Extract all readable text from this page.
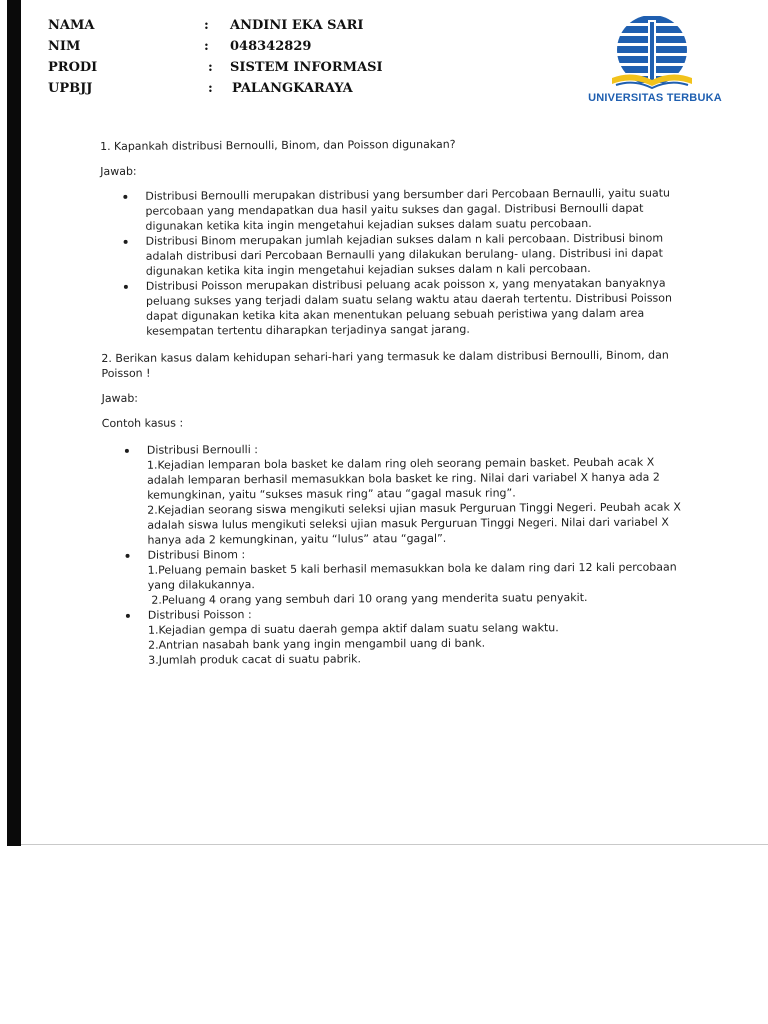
NAMA	: ANDINI EKA SARI
NIM	: 048342829
PRODI	: SISTEM INFORMASI
UPBJJ	: PALANGKARAYA
UNIVERSITAS TERBUKA

1. Kapankah distribusi Bernoulli, Binom, dan Poisson digunakan?

Jawab:

Distribusi Bernoulli merupakan distribusi yang bersumber dari Percobaan Bernaulli, yaitu suatu percobaan yang mendapatkan dua hasil yaitu sukses dan gagal. Distribusi Bernoulli dapat digunakan ketika kita ingin mengetahui kejadian sukses dalam suatu percobaan.
Distribusi Binom merupakan jumlah kejadian sukses dalam n kali percobaan. Distribusi binom adalah distribusi dari Percobaan Bernaulli yang dilakukan berulang- ulang. Distribusi ini dapat digunakan ketika kita ingin mengetahui kejadian sukses dalam n kali percobaan.
Distribusi Poisson merupakan distribusi peluang acak poisson x, yang menyatakan banyaknya peluang sukses yang terjadi dalam suatu selang waktu atau daerah tertentu. Distribusi Poisson dapat digunakan ketika kita akan menentukan peluang sebuah peristiwa yang dalam area kesempatan tertentu diharapkan terjadinya sangat jarang.

2. Berikan kasus dalam kehidupan sehari-hari yang termasuk ke dalam distribusi Bernoulli, Binom, dan Poisson !

Jawab:

Contoh kasus :

Distribusi Bernoulli :
1.Kejadian lemparan bola basket ke dalam ring oleh seorang pemain basket. Peubah acak X adalah lemparan berhasil memasukkan bola basket ke ring. Nilai dari variabel X hanya ada 2 kemungkinan, yaitu “sukses masuk ring” atau “gagal masuk ring”.
2.Kejadian seorang siswa mengikuti seleksi ujian masuk Perguruan Tinggi Negeri. Peubah acak X adalah siswa lulus mengikuti seleksi ujian masuk Perguruan Tinggi Negeri. Nilai dari variabel X hanya ada 2 kemungkinan, yaitu “lulus” atau “gagal”.
Distribusi Binom :
1.Peluang pemain basket 5 kali berhasil memasukkan bola ke dalam ring dari 12 kali percobaan yang dilakukannya.
2.Peluang 4 orang yang sembuh dari 10 orang yang menderita suatu penyakit.
Distribusi Poisson :
1.Kejadian gempa di suatu daerah gempa aktif dalam suatu selang waktu.
2.Antrian nasabah bank yang ingin mengambil uang di bank.
3.Jumlah produk cacat di suatu pabrik.
